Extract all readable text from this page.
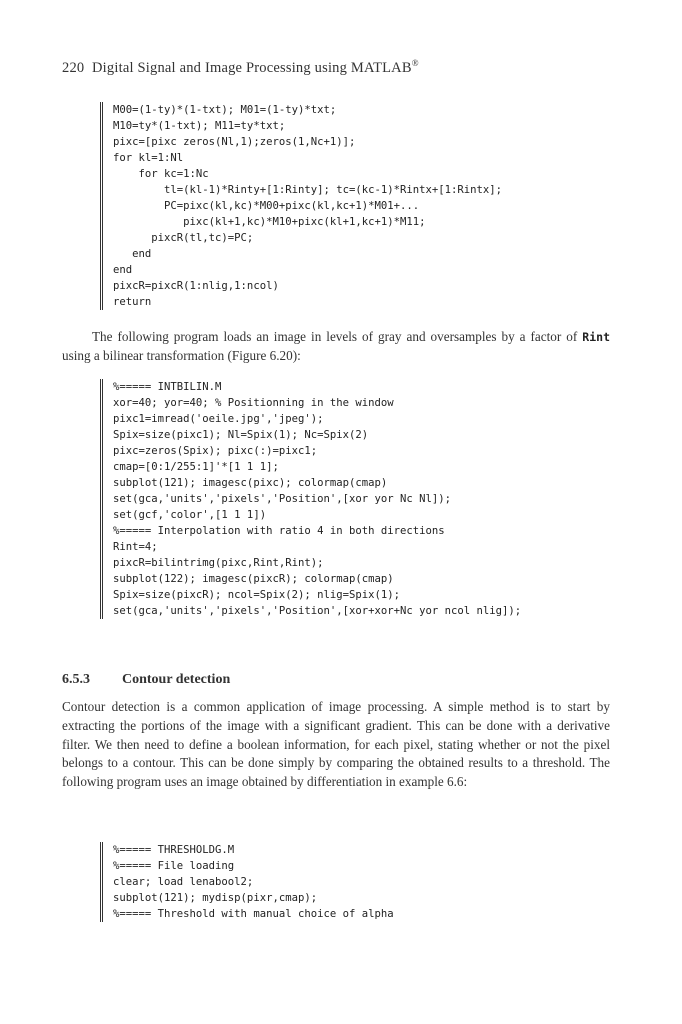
220 Digital Signal and Image Processing using MATLAB®
M00=(1-ty)*(1-txt); M01=(1-ty)*txt;
M10=ty*(1-txt); M11=ty*txt;
pixc=[pixc zeros(Nl,1);zeros(1,Nc+1)];
for kl=1:Nl
for kc=1:Nc
tl=(kl-1)*Rinty+[1:Rinty]; tc=(kc-1)*Rintx+[1:Rintx];
PC=pixc(kl,kc)*M00+pixc(kl,kc+1)*M01+...
pixc(kl+1,kc)*M10+pixc(kl+1,kc+1)*M11;
pixcR(tl,tc)=PC;
end
end
pixcR=pixcR(1:nlig,1:ncol)
return
The following program loads an image in levels of gray and oversamples by a factor of Rint using a bilinear transformation (Figure 6.20):
%===== INTBILIN.M
xor=40; yor=40; % Positionning in the window
pixc1=imread('oeile.jpg','jpeg');
Spix=size(pixc1); Nl=Spix(1); Nc=Spix(2)
pixc=zeros(Spix); pixc(:)=pixc1;
cmap=[0:1/255:1]'*[1 1 1];
subplot(121); imagesc(pixc); colormap(cmap)
set(gca,'units','pixels','Position',[xor yor Nc Nl]);
set(gcf,'color',[1 1 1])
%===== Interpolation with ratio 4 in both directions
Rint=4;
pixcR=bilintrimg(pixc,Rint,Rint);
subplot(122); imagesc(pixcR); colormap(cmap)
Spix=size(pixcR); ncol=Spix(2); nlig=Spix(1);
set(gca,'units','pixels','Position',[xor+xor+Nc yor ncol nlig]);
6.5.3 Contour detection
Contour detection is a common application of image processing. A simple method is to start by extracting the portions of the image with a significant gradient. This can be done with a derivative filter. We then need to define a boolean information, for each pixel, stating whether or not the pixel belongs to a contour. This can be done simply by comparing the obtained results to a threshold. The following program uses an image obtained by differentiation in example 6.6:
%===== THRESHOLDG.M
%===== File loading
clear; load lenabool2;
subplot(121); mydisp(pixr,cmap);
%===== Threshold with manual choice of alpha
